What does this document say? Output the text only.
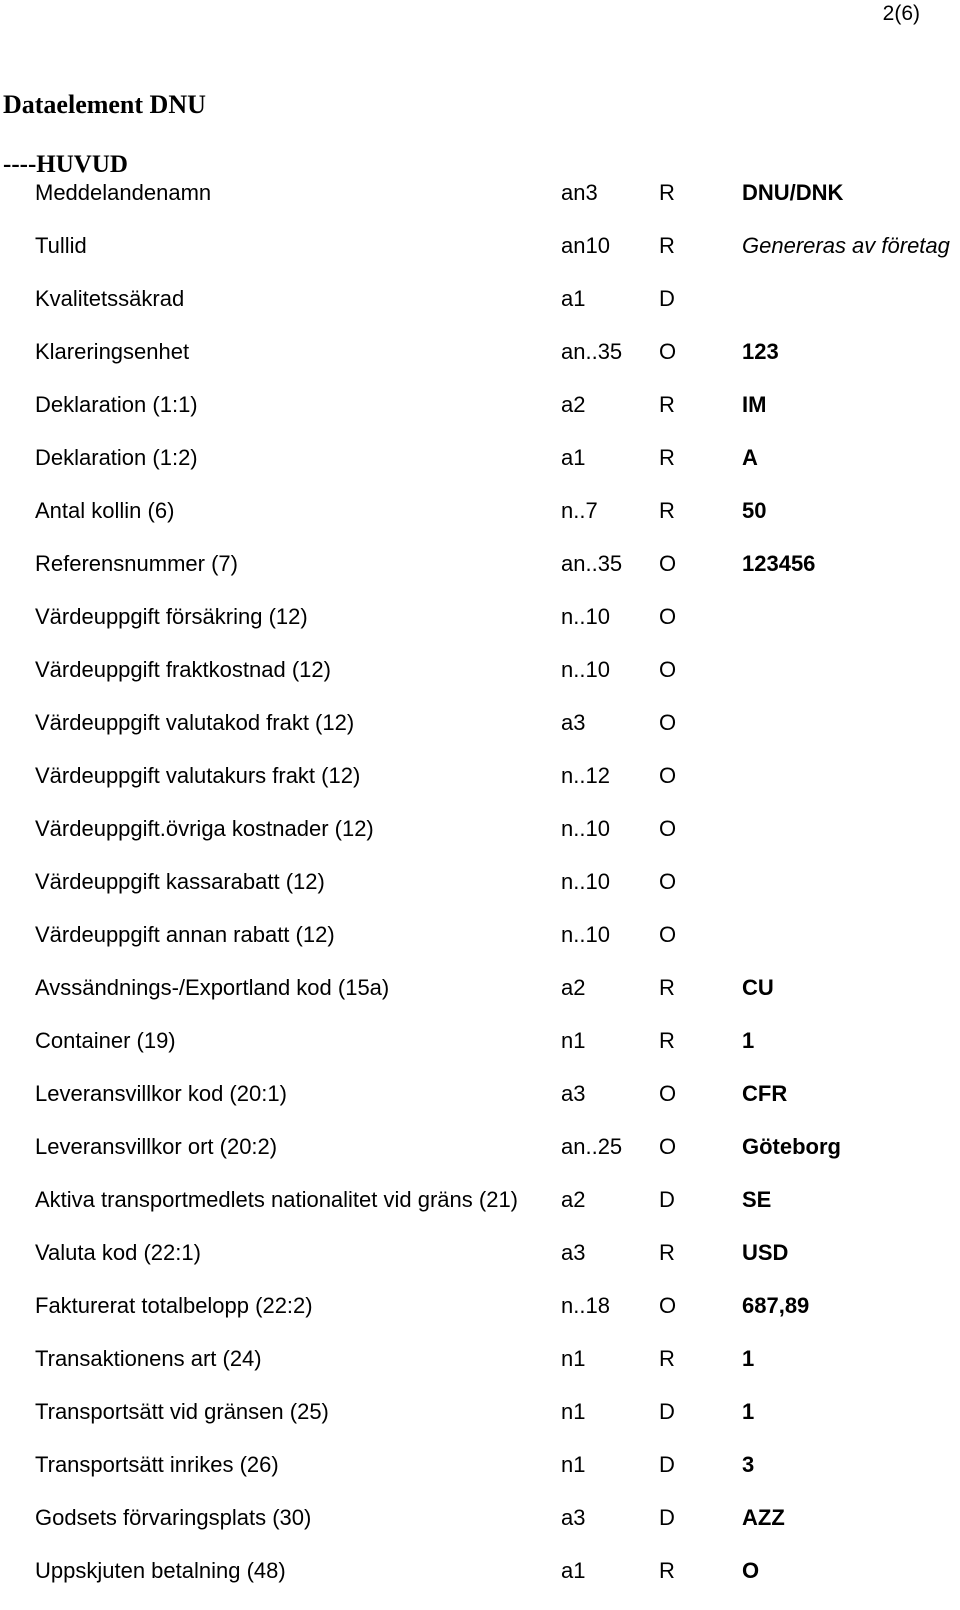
2(6)
Dataelement DNU
----HUVUD
Meddelandenamn	an3	R	DNU/DNK
Tullid	an10 R	Genereras av företag
Kvalitetssäkrad	a1	D
Klareringsenhet	an..35 O	123
Deklaration (1:1)	a2	R	IM
Deklaration (1:2)	a1	R	A
Antal kollin (6)	n..7	R	50
Referensnummer (7)	an..35 O	123456
Värdeuppgift försäkring (12)	n..10 O
Värdeuppgift fraktkostnad (12)	n..10 O
Värdeuppgift valutakod frakt (12)	a3	O
Värdeuppgift valutakurs frakt (12)	n..12 O
Värdeuppgift.övriga kostnader (12)	n..10 O
Värdeuppgift kassarabatt (12)	n..10 O
Värdeuppgift annan rabatt (12)	n..10 O
Avssändnings-/Exportland kod (15a)	a2	R	CU
Container (19)	n1	R	1
Leveransvillkor kod (20:1)	a3	O	CFR
Leveransvillkor ort (20:2)	an..25 O	Göteborg
Aktiva transportmedlets nationalitet vid gräns (21) a2	D	SE
Valuta kod (22:1)	a3	R	USD
Fakturerat totalbelopp (22:2)	n..18 O	687,89
Transaktionens art (24)	n1	R	1
Transportsätt vid gränsen (25)	n1	D	1
Transportsätt inrikes (26)	n1	D	3
Godsets förvaringsplats (30)	a3	D	AZZ
Uppskjuten betalning (48)	a1	R	O
